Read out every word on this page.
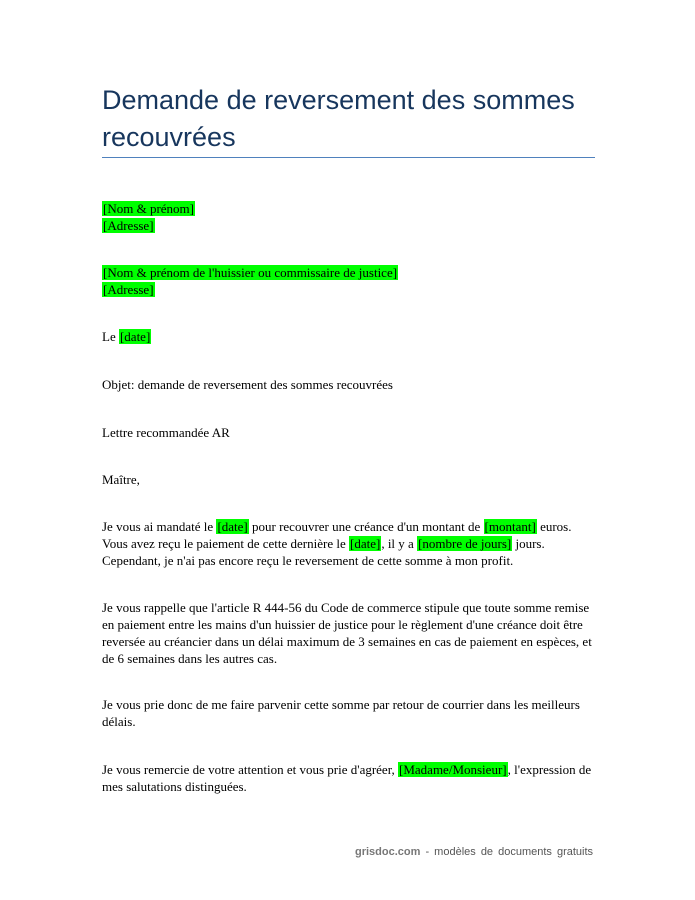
Demande de reversement des sommes recouvrées

[Nom & prénom]

[Adresse]

[Nom & prénom de l'huissier ou commissaire de justice]

[Adresse]

Le [date]
Objet: demande de reversement des sommes recouvrées
Lettre recommandée AR
Maître,
Je vous ai mandaté le [date] pour recouvrer une créance d'un montant de [montant] euros. Vous avez reçu le paiement de cette dernière le [date], il y a [nombre de jours] jours. Cependant, je n'ai pas encore reçu le reversement de cette somme à mon profit.
Je vous rappelle que l'article R 444-56 du Code de commerce stipule que toute somme remise en paiement entre les mains d'un huissier de justice pour le règlement d'une créance doit être reversée au créancier dans un délai maximum de 3 semaines en cas de paiement en espèces, et de 6 semaines dans les autres cas.
Je vous prie donc de me faire parvenir cette somme par retour de courrier dans les meilleurs délais.
Je vous remercie de votre attention et vous prie d'agréer, [Madame/Monsieur], l'expression de mes salutations distinguées.
grisdoc.com - modèles de documents gratuits
